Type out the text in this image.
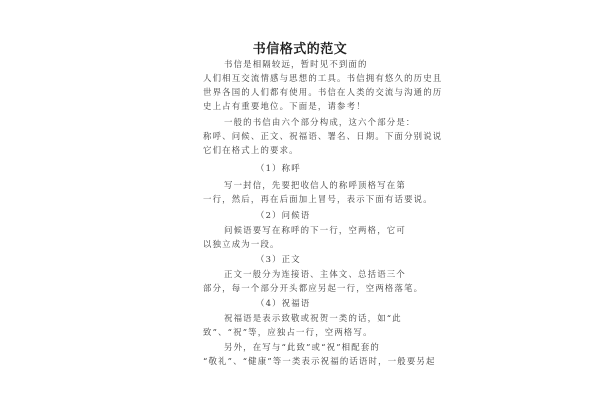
书信格式的范文
书信是相隔较远，暂时见不到面的
人们相互交流情感与思想的工具。书信拥有悠久的历史且
世界各国的人们都有使用。书信在人类的交流与沟通的历
史上占有重要地位。下面是，请参考！
一般的书信由六个部分构成，这六个部分是：
称呼、问候、正文、祝福语、署名、日期。下面分别说说
它们在格式上的要求。
（1）称呼
写一封信，先要把收信人的称呼顶格写在第
一行，然后，再在后面加上冒号，表示下面有话要说。
（2）问候语
问候语要写在称呼的下一行，空两格，它可
以独立成为一段。
（3）正文
正文一般分为连接语、主体文、总括语三个
部分，每一个部分开头都应另起一行，空两格落笔。
（4）祝福语
祝福语是表示致敬或祝贺一类的话，如“此
致”、“祝”等，应独占一行，空两格写。
另外，在写与“此致”或“祝”相配套的
“敬礼”、“健康”等一类表示祝福的话语时，一般要另起
